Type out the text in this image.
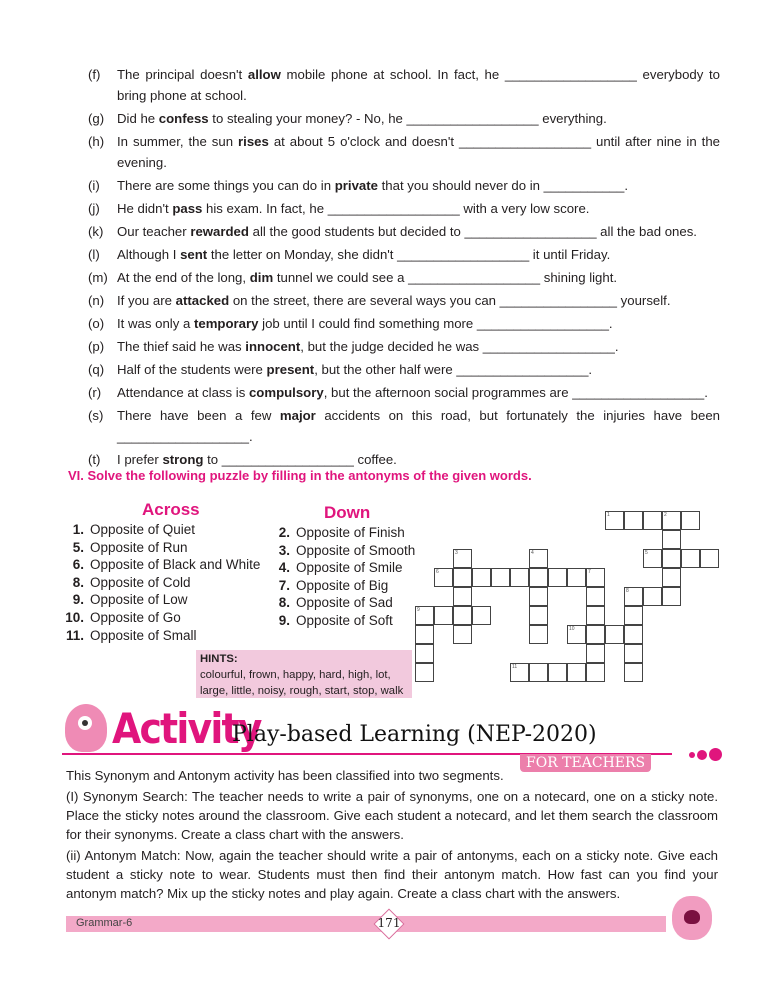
(f)	The principal doesn't allow mobile phone at school. In fact, he __________________ everybody to bring phone at school.
(g) Did he confess to stealing your money? - No, he __________________ everything.
(h) In summer, the sun rises at about 5 o'clock and doesn't __________________ until after nine in the evening.
(i)	There are some things you can do in private that you should never do in ___________.
(j)	He didn't pass his exam. In fact, he __________________ with a very low score.
(k)	Our teacher rewarded all the good students but decided to __________________ all the bad ones.
(l)	Although I sent the letter on Monday, she didn't __________________ it until Friday.
(m) At the end of the long, dim tunnel we could see a __________________ shining light.
(n) If you are attacked on the street, there are several ways you can ________________ yourself.
(o) It was only a temporary job until I could find something more __________________.
(p) The thief said he was innocent, but the judge decided he was __________________.
(q) Half of the students were present, but the other half were __________________.
(r)	Attendance at class is compulsory, but the afternoon social programmes are __________________.
(s)	There have been a few major accidents on this road, but fortunately the injuries have been __________________.
(t)	I prefer strong to __________________ coffee.
VI. Solve the following puzzle by filling in the antonyms of the given words.
Across	Down
1. Opposite of Quiet
5. Opposite of Run
6. Opposite of Black and White
8. Opposite of Cold
9. Opposite of Low
10. Opposite of Go
11. Opposite of Small
2. Opposite of Finish
3. Opposite of Smooth
4. Opposite of Smile
7. Opposite of Big
8. Opposite of Sad
9. Opposite of Soft
HINTS:
colourful, frown, happy, hard, high, lot, large, little, noisy, rough, start, stop, walk
1	2
3	4	5
6	7
8
9
10
11
Activity
Play-based Learning (NEP-2020)
FOR TEACHERS

This Synonym and Antonym activity has been classified into two segments.

(I) Synonym Search: The teacher needs to write a pair of synonyms, one on a notecard, one on a sticky note. Place the sticky notes around the classroom. Give each student a notecard, and let them search the classroom for their synonyms. Create a class chart with the answers.

(ii) Antonym Match: Now, again the teacher should write a pair of antonyms, each on a sticky note. Give each student a sticky note to wear. Students must then find their antonym match. How fast can you find your antonym match? Mix up the sticky notes and play again. Create a class chart with the answers.

Grammar-6	171
